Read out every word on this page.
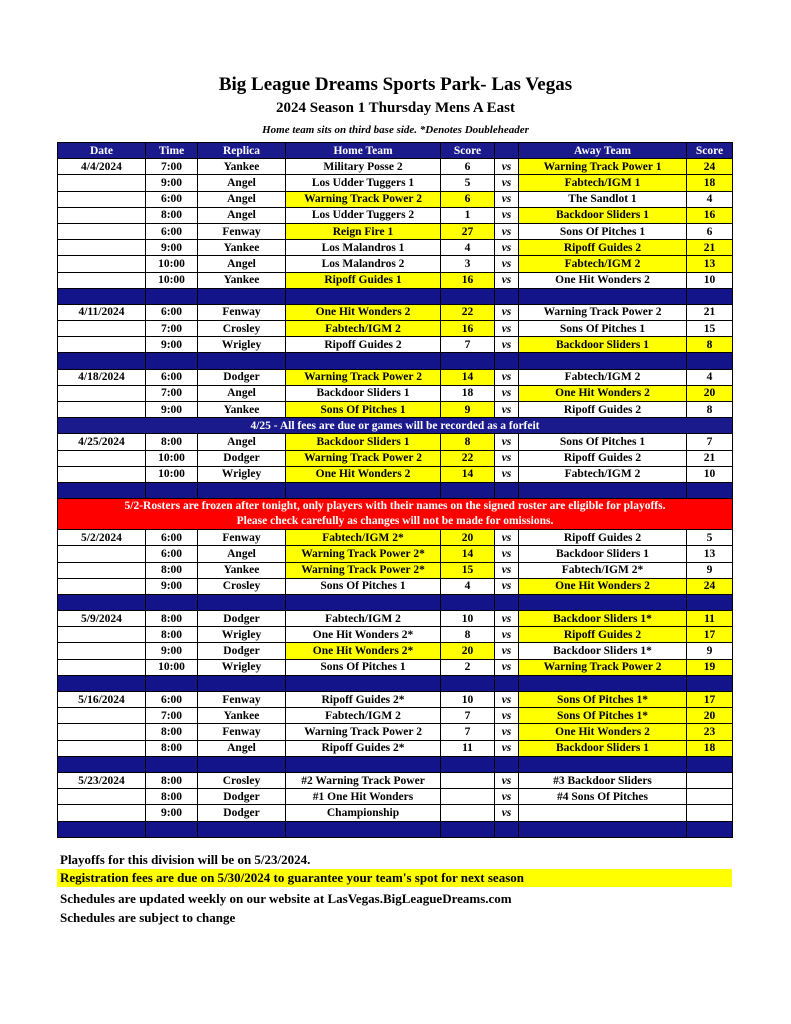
Big League Dreams Sports Park- Las Vegas
2024 Season 1 Thursday Mens A East
Home team sits on third base side. *Denotes Doubleheader
Date	Time	Replica	Home Team	Score		Away Team	Score
4/4/2024	7:00	Yankee	Military Posse 2	6	vs	Warning Track Power 1	24
	9:00	Angel	Los Udder Tuggers 1	5	vs	Fabtech/IGM 1	18
	6:00	Angel	Warning Track Power 2	6	vs	The Sandlot 1	4
	8:00	Angel	Los Udder Tuggers 2	1	vs	Backdoor Sliders 1	16
	6:00	Fenway	Reign Fire 1	27	vs	Sons Of Pitches 1	6
	9:00	Yankee	Los Malandros 1	4	vs	Ripoff Guides 2	21
	10:00	Angel	Los Malandros 2	3	vs	Fabtech/IGM 2	13
	10:00	Yankee	Ripoff Guides 1	16	vs	One Hit Wonders 2	10

4/11/2024	6:00	Fenway	One Hit Wonders 2	22	vs	Warning Track Power 2	21
	7:00	Crosley	Fabtech/IGM 2	16	vs	Sons Of Pitches 1	15
	9:00	Wrigley	Ripoff Guides 2	7	vs	Backdoor Sliders 1	8

4/18/2024	6:00	Dodger	Warning Track Power 2	14	vs	Fabtech/IGM 2	4
	7:00	Angel	Backdoor Sliders 1	18	vs	One Hit Wonders 2	20
	9:00	Yankee	Sons Of Pitches 1	9	vs	Ripoff Guides 2	8
4/25 - All fees are due or games will be recorded as a forfeit							
4/25/2024	8:00	Angel	Backdoor Sliders 1	8	vs	Sons Of Pitches 1	7
	10:00	Dodger	Warning Track Power 2	22	vs	Ripoff Guides 2	21
	10:00	Wrigley	One Hit Wonders 2	14	vs	Fabtech/IGM 2	10

5/2-Rosters are frozen after tonight, only players with their names on the signed roster are eligible for playoffs.
Please check carefully as changes will not be made for omissions.							

5/2/2024	6:00	Fenway	Fabtech/IGM 2*	20	vs	Ripoff Guides 2	5
	6:00	Angel	Warning Track Power 2*	14	vs	Backdoor Sliders 1	13
	8:00	Yankee	Warning Track Power 2*	15	vs	Fabtech/IGM 2*	9
	9:00	Crosley	Sons Of Pitches 1	4	vs	One Hit Wonders 2	24

5/9/2024	8:00	Dodger	Fabtech/IGM 2	10	vs	Backdoor Sliders 1*	11
	8:00	Wrigley	One Hit Wonders 2*	8	vs	Ripoff Guides 2	17
	9:00	Dodger	One Hit Wonders 2*	20	vs	Backdoor Sliders 1*	9
	10:00	Wrigley	Sons Of Pitches 1	2	vs	Warning Track Power 2	19

5/16/2024	6:00	Fenway	Ripoff Guides 2*	10	vs	Sons Of Pitches 1*	17
	7:00	Yankee	Fabtech/IGM 2	7	vs	Sons Of Pitches 1*	20
	8:00	Fenway	Warning Track Power 2	7	vs	One Hit Wonders 2	23
	8:00	Angel	Ripoff Guides 2*	11	vs	Backdoor Sliders 1	18

5/23/2024	8:00	Crosley	#2 Warning Track Power		vs	#3 Backdoor Sliders	
	8:00	Dodger	#1 One Hit Wonders		vs	#4 Sons Of Pitches	
	9:00	Dodger	Championship		vs		

Playoffs for this division will be on 5/23/2024.
Registration fees are due on 5/30/2024 to guarantee your team's spot for next season
Schedules are updated weekly on our website at LasVegas.BigLeagueDreams.com
Schedules are subject to change
